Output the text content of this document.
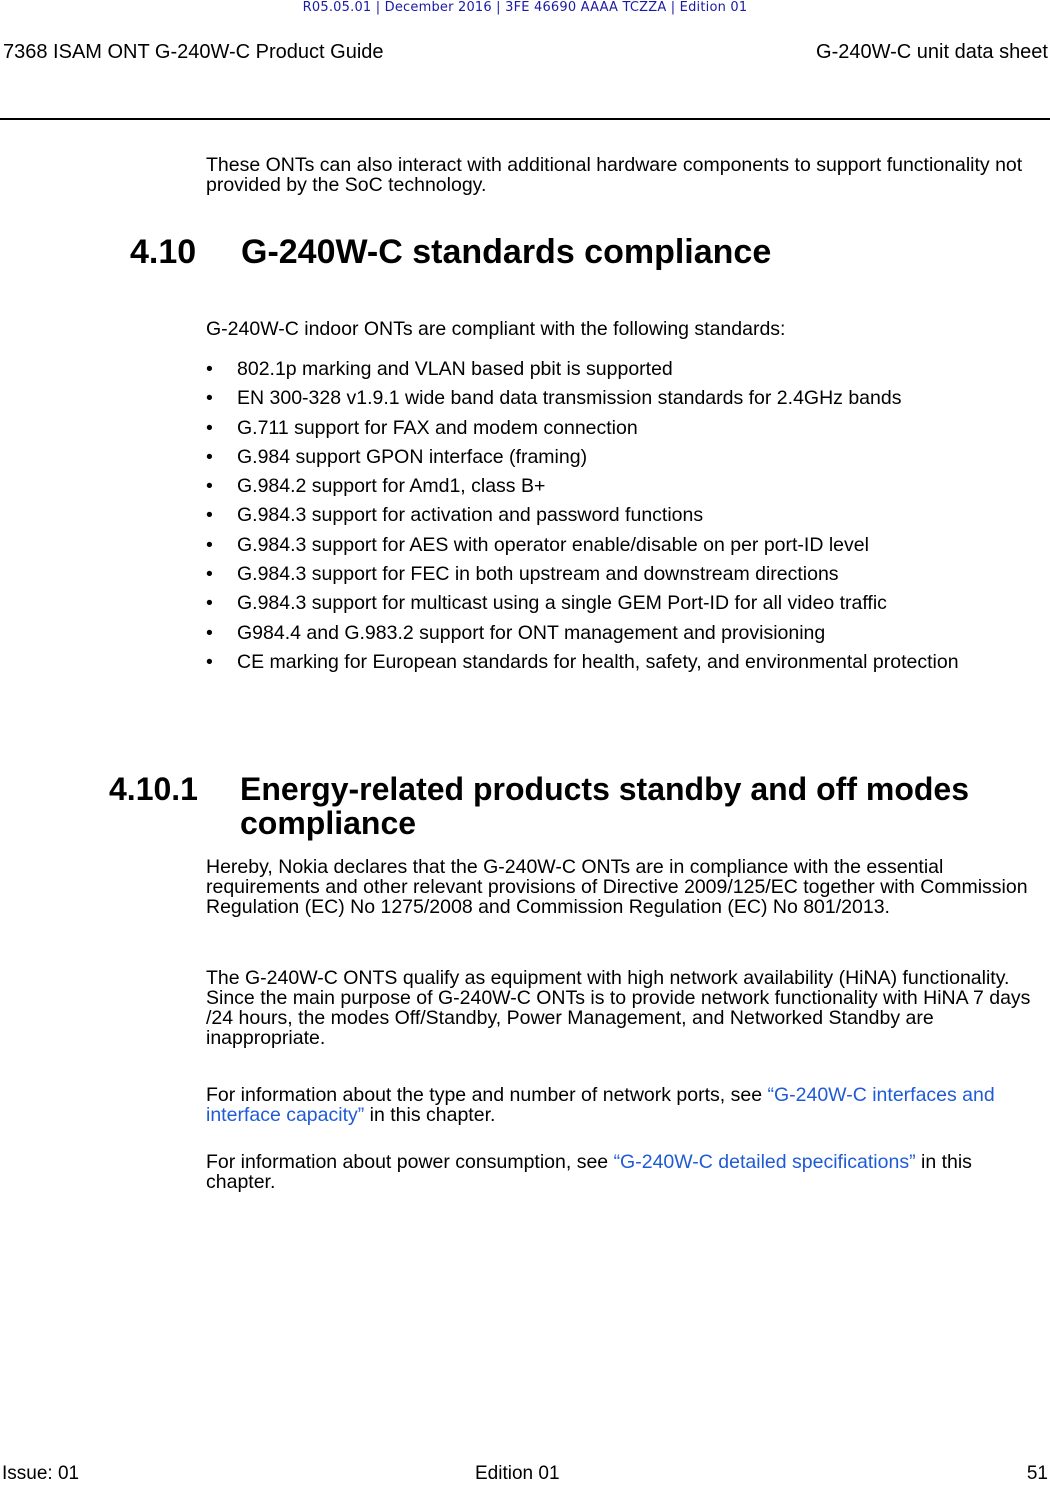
R05.05.01 | December 2016 | 3FE 46690 AAAA TCZZA | Edition 01
7368 ISAM ONT G-240W-C Product Guide	G-240W-C unit data sheet
These ONTs can also interact with additional hardware components to support functionality not provided by the SoC technology.
4.10 G-240W-C standards compliance
G-240W-C indoor ONTs are compliant with the following standards:
• 802.1p marking and VLAN based pbit is supported
• EN 300-328 v1.9.1 wide band data transmission standards for 2.4GHz bands
• G.711 support for FAX and modem connection
• G.984 support GPON interface (framing)
• G.984.2 support for Amd1, class B+
• G.984.3 support for activation and password functions
• G.984.3 support for AES with operator enable/disable on per port-ID level
• G.984.3 support for FEC in both upstream and downstream directions
• G.984.3 support for multicast using a single GEM Port-ID for all video traffic
• G984.4 and G.983.2 support for ONT management and provisioning
• CE marking for European standards for health, safety, and environmental protection
4.10.1 Energy-related products standby and off modes compliance
Hereby, Nokia declares that the G-240W-C ONTs are in compliance with the essential requirements and other relevant provisions of Directive 2009/125/EC together with Commission Regulation (EC) No 1275/2008 and Commission Regulation (EC) No 801/2013.
The G-240W-C ONTS qualify as equipment with high network availability (HiNA) functionality. Since the main purpose of G-240W-C ONTs is to provide network functionality with HiNA 7 days /24 hours, the modes Off/Standby, Power Management, and Networked Standby are inappropriate.
For information about the type and number of network ports, see “G-240W-C interfaces and interface capacity” in this chapter.
For information about power consumption, see “G-240W-C detailed specifications” in this chapter.
Issue: 01	Edition 01	51
